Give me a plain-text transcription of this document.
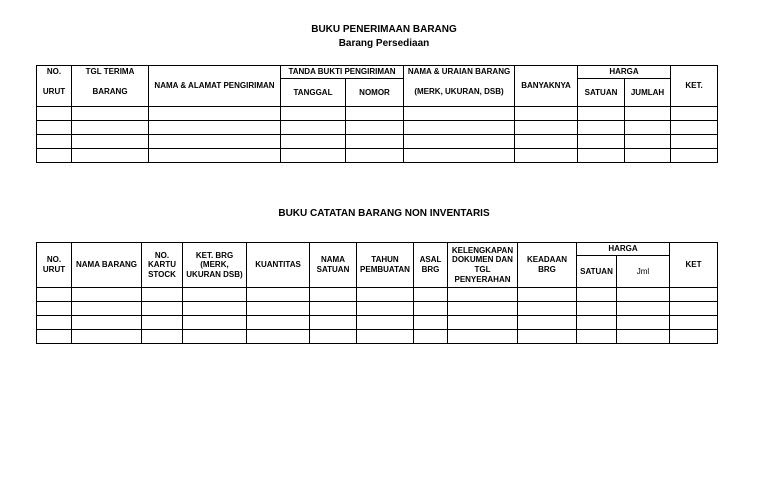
BUKU PENERIMAAN BARANG
Barang Persediaan
NO.	TGL TERIMA	NAMA & ALAMAT PENGIRIMAN	TANDA BUKTI PENGIRIMAN		NAMA & URAIAN BARANG	BANYAKNYA	HARGA		KET.
URUT	BARANG		TANGGAL	NOMOR	(MERK, UKURAN, DSB)		SATUAN	JUMLAH	

BUKU CATATAN BARANG NON INVENTARIS
NO. URUT	NAMA BARANG	NO. KARTU STOCK	KET. BRG (MERK, UKURAN DSB)	KUANTITAS	NAMA SATUAN	TAHUN PEMBUATAN	ASAL BRG	KELENGKAPAN DOKUMEN DAN TGL PENYERAHAN	KEADAAN BRG	HARGA		KET
										SATUAN	Jml	
